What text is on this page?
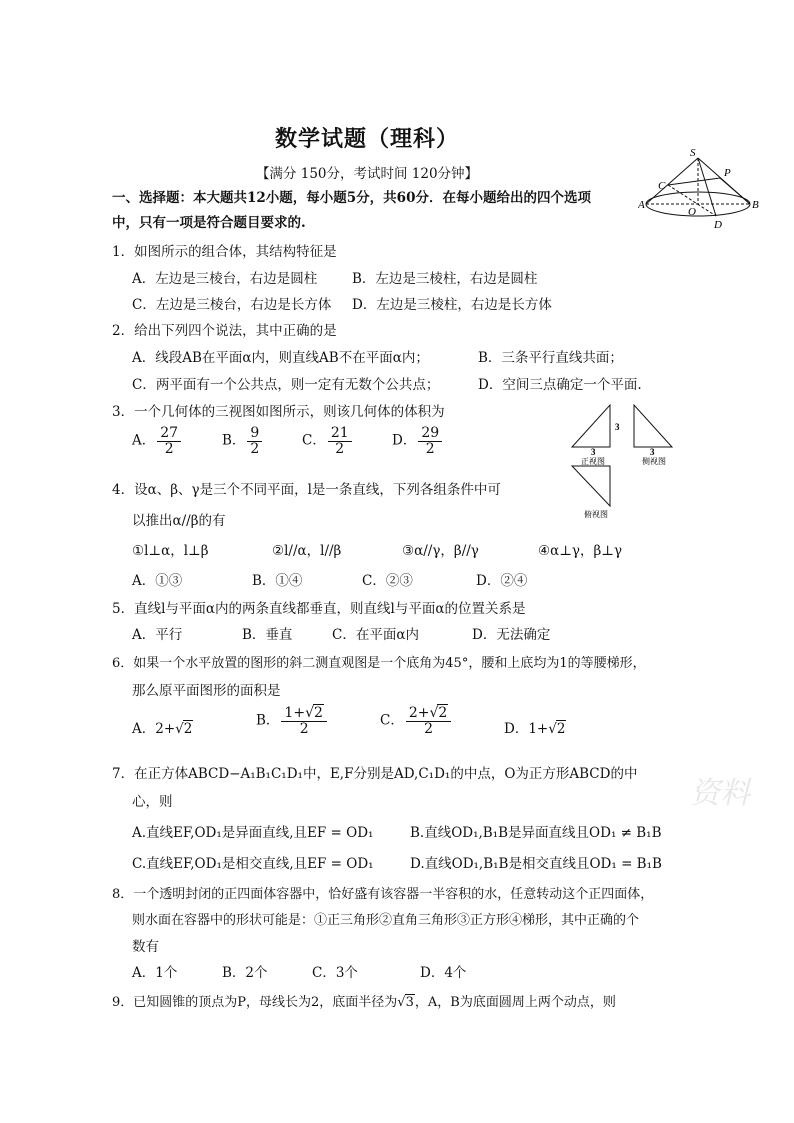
数学试题（理科）
【满分 150分，考试时间 120分钟】
S
P
C
A
O
B
D
一、选择题：本大题共12小题，每小题5分，共60分．在每小题给出的四个选项
中，只有一项是符合题目要求的.
1．如图所示的组合体，其结构特征是
A．左边是三棱台，右边是圆柱	B．左边是三棱柱，右边是圆柱
C．左边是三棱台，右边是长方体 D．左边是三棱柱，右边是长方体
2．给出下列四个说法，其中正确的是
A．线段AB在平面α内，则直线AB不在平面α内；	B．三条平行直线共面；
C．两平面有一个公共点，则一定有无数个公共点；	D．空间三点确定一个平面.
3．一个几何体的三视图如图所示，则该几何体的体积为
A． $\frac{27}{2}$	B． $\frac{9}{2}$	C． $\frac{21}{2}$	D． $\frac{29}{2}$	3
3	3
正视图	侧视图
俯视图
4．设α、β、γ是三个不同平面，l是一条直线，下列各组条件中可
以推出α//β的有
①l⊥α，l⊥β	②l//α，l//β	③α//γ，β//γ	④α⊥γ，β⊥γ
A．①③	B．①④	C．②③	D．②④
5．直线l与平面α内的两条直线都垂直，则直线l与平面α的位置关系是
A．平行	B．垂直	C．在平面α内	D．无法确定
6．如果一个水平放置的图形的斜二测直观图是一个底角为45°，腰和上底均为1的等腰梯形，
那么原平面图形的面积是
A．2+√2
B． $\frac{1+√2}{2}$	C． $\frac{2+√2}{2}$	D．1+√2
7．在正方体ABCD−A₁B₁C₁D₁中，E,F分别是AD,C₁D₁的中点，O为正方形ABCD的中
心，则
A.直线EF,OD₁是异面直线,且EF = OD₁	B.直线OD₁,B₁B是异面直线且OD₁ ≠ B₁B
C.直线EF,OD₁是相交直线,且EF = OD₁	D.直线OD₁,B₁B是相交直线且OD₁ = B₁B
8．一个透明封闭的正四面体容器中，恰好盛有该容器一半容积的水，任意转动这个正四面体，
则水面在容器中的形状可能是：①正三角形②直角三角形③正方形④梯形，其中正确的个
数有
A．1个	B．2个	C．3个	D．4个
9．已知圆锥的顶点为P，母线长为2，底面半径为√3，A，B为底面圆周上两个动点，则
资料
